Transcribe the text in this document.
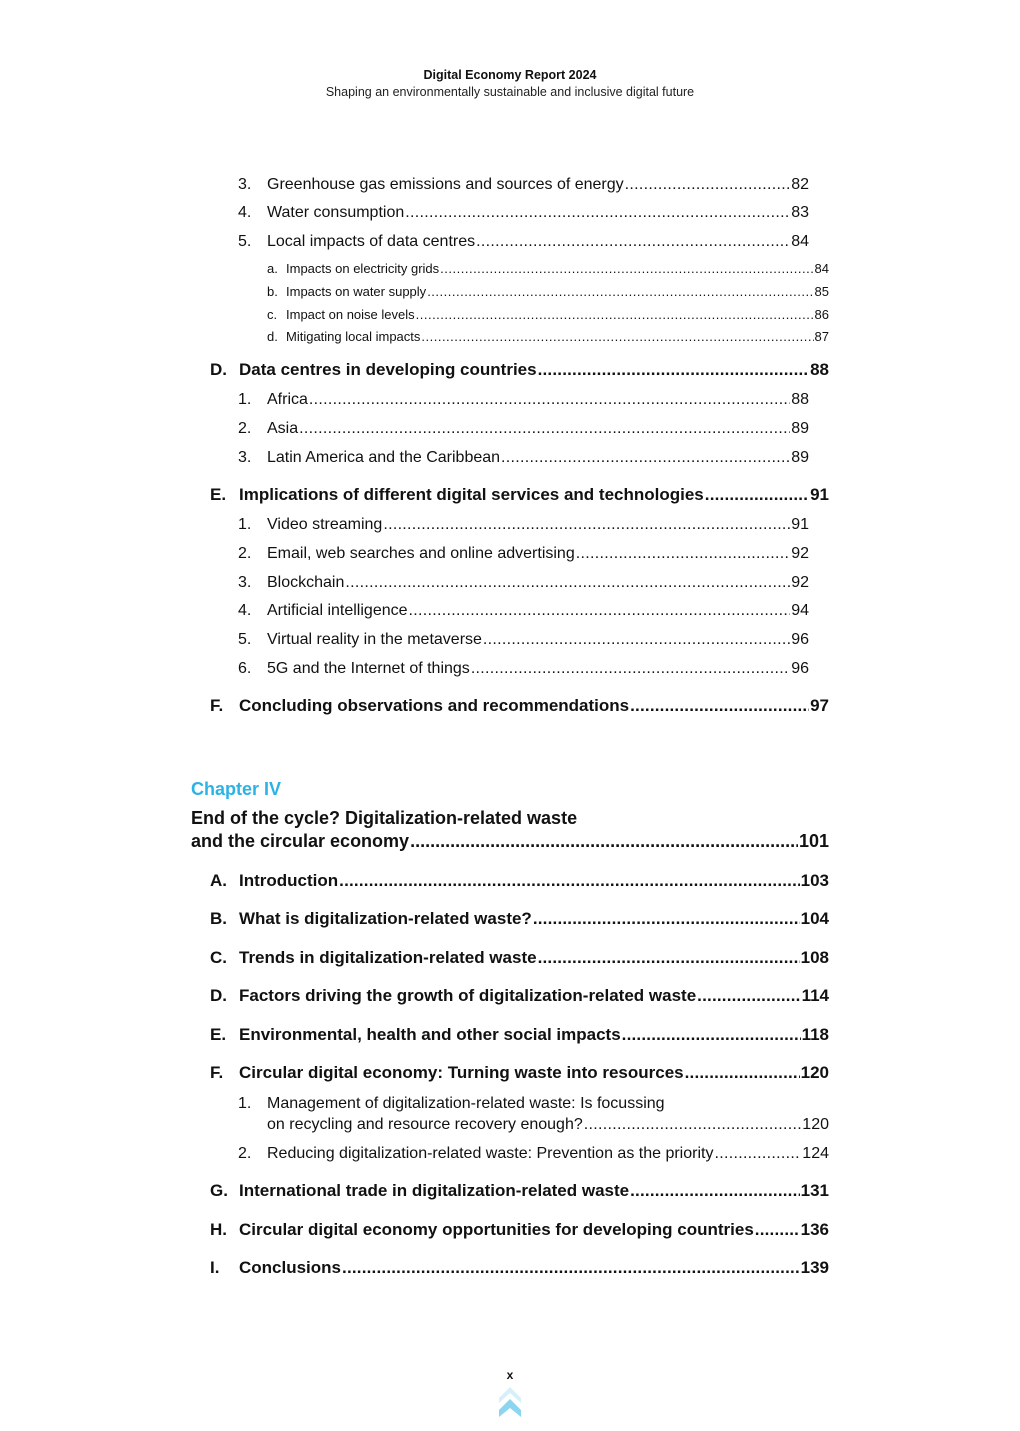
Digital Economy Report 2024
Shaping an environmentally sustainable and inclusive digital future
3. Greenhouse gas emissions and sources of energy .....	82
4. Water consumption .....	83
5. Local impacts of data centres .....	84
a. Impacts on electricity grids .....	84
b. Impacts on water supply .....	85
c. Impact on noise levels .....	86
d. Mitigating local impacts .....	87
D. Data centres in developing countries .....	88
1. Africa .....	88
2. Asia .....	89
3. Latin America and the Caribbean .....	89
E. Implications of different digital services and technologies .....	91
1. Video streaming .....	91
2. Email, web searches and online advertising .....	92
3. Blockchain .....	92
4. Artificial intelligence .....	94
5. Virtual reality in the metaverse .....	96
6. 5G and the Internet of things .....	96
F. Concluding observations and recommendations .....	97
Chapter IV
End of the cycle? Digitalization-related waste
and the circular economy .....	101
A. Introduction .....	103
B. What is digitalization-related waste? .....	104
C. Trends in digitalization-related waste .....	108
D. Factors driving the growth of digitalization-related waste .....	114
E. Environmental, health and other social impacts .....	118
F. Circular digital economy: Turning waste into resources .....	120
1. Management of digitalization-related waste: Is focussing
on recycling and resource recovery enough? .....	120
2. Reducing digitalization-related waste: Prevention as the priority .....	124
G. International trade in digitalization-related waste .....	131
H. Circular digital economy opportunities for developing countries .....	136
I.	Conclusions .....	139
x
